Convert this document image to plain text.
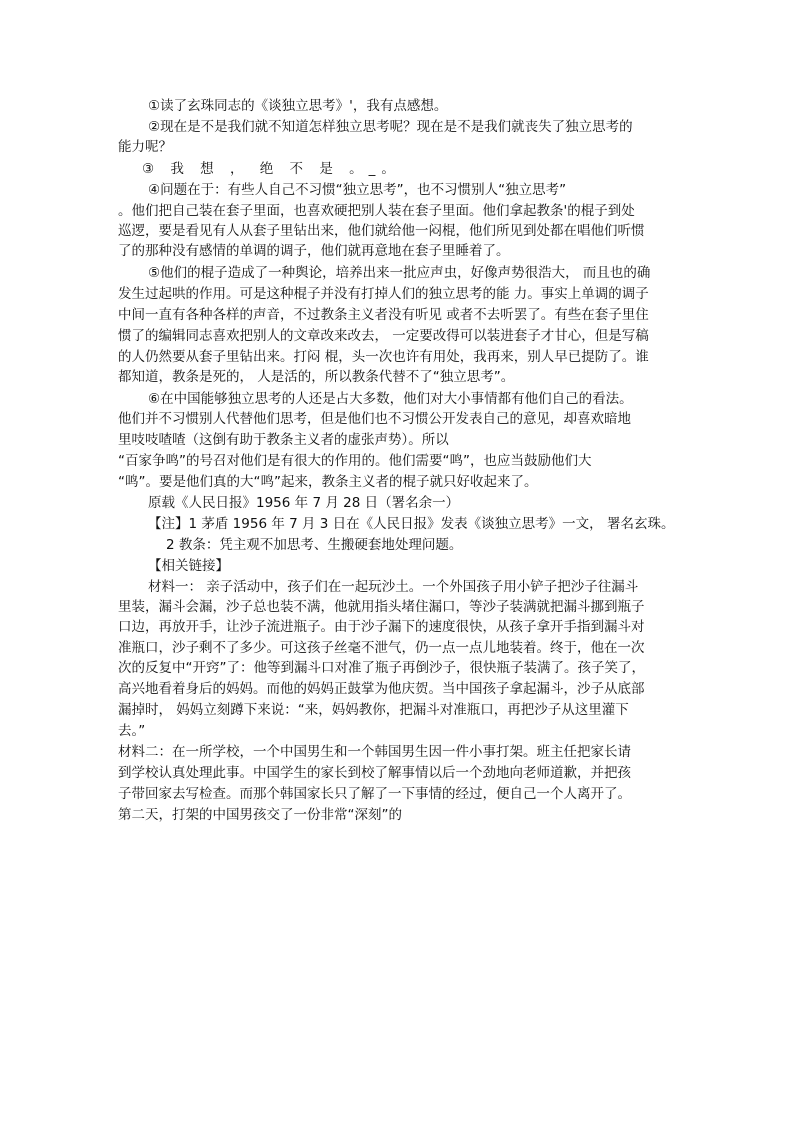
①读了玄珠同志的《谈独立思考》'，我有点感想。
②现在是不是我们就不知道怎样独立思考呢？现在是不是我们就丧失了独立思考的
能力呢？
③ 我 想 ， 绝 不 是 。_。
④问题在于：有些人自己不习惯“独立思考”，也不习惯别人“独立思考”
。他们把自己装在套子里面，也喜欢硬把别人装在套子里面。他们拿起教条'的棍子到处
巡逻，要是看见有人从套子里钻出来，他们就给他一闷棍，他们所见到处都在唱他们听惯
了的那种没有感情的单调的调子，他们就再意地在套子里睡着了。
⑤他们的棍子造成了一种舆论，培养出来一批应声虫，好像声势很浩大， 而且也的确
发生过起哄的作用。可是这种棍子并没有打掉人们的独立思考的能 力。事实上单调的调子
中间一直有各种各样的声音，不过教条主义者没有听见 或者不去听罢了。有些在套子里住
惯了的编辑同志喜欢把别人的文章改来改去， 一定要改得可以装进套子才甘心，但是写稿
的人仍然要从套子里钻出来。打闷 棍，头一次也许有用处，我再来，别人早已提防了。谁
都知道，教条是死的， 人是活的，所以教条代替不了“独立思考”。
⑥在中国能够独立思考的人还是占大多数，他们对大小事情都有他们自己的看法。
他们并不习惯别人代替他们思考，但是他们也不习惯公开发表自己的意见，却喜欢暗地
里吱吱喳喳（这倒有助于教条主义者的虚张声势）。所以
“百家争鸣”的号召对他们是有很大的作用的。他们需要“鸣”，也应当鼓励他们大
“鸣”。要是他们真的大“鸣”起来，教条主义者的棍子就只好收起来了。
原载《人民日报》1956 年 7 月 28 日（署名余一）
【注】1 茅盾 1956 年 7 月 3 日在《人民日报》发表《谈独立思考》一文， 署名玄珠。
2 教条：凭主观不加思考、生搬硬套地处理问题。
【相关链接】
材料一： 亲子活动中，孩子们在一起玩沙土。一个外国孩子用小铲子把沙子往漏斗
里装，漏斗会漏，沙子总也装不满，他就用指头堵住漏口，等沙子装满就把漏斗挪到瓶子
口边，再放开手，让沙子流进瓶子。由于沙子漏下的速度很快，从孩子拿开手指到漏斗对
准瓶口，沙子剩不了多少。可这孩子丝毫不泄气，仍一点一点儿地装着。终于，他在一次
次的反复中“开窍”了：他等到漏斗口对准了瓶子再倒沙子，很快瓶子装满了。孩子笑了，
高兴地看着身后的妈妈。而他的妈妈正鼓掌为他庆贺。当中国孩子拿起漏斗，沙子从底部
漏掉时， 妈妈立刻蹲下来说：“来，妈妈教你，把漏斗对准瓶口，再把沙子从这里灌下
去。”
材料二：在一所学校，一个中国男生和一个韩国男生因一件小事打架。班主任把家长请
到学校认真处理此事。中国学生的家长到校了解事情以后一个劲地向老师道歉，并把孩
子带回家去写检查。而那个韩国家长只了解了一下事情的经过，便自己一个人离开了。
第二天，打架的中国男孩交了一份非常“深刻”的
